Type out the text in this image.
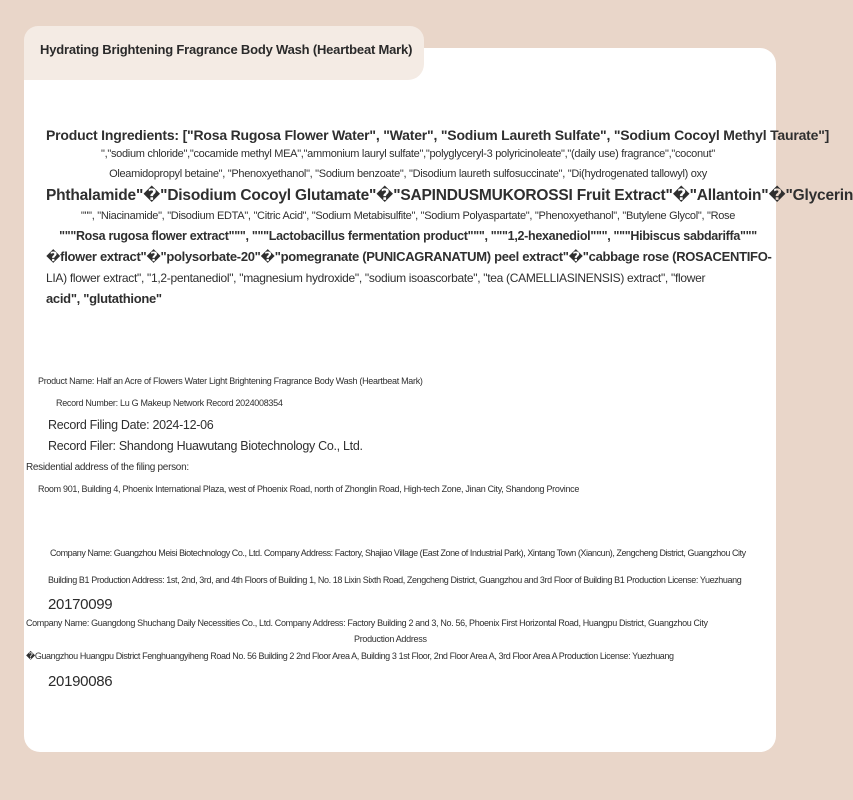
Hydrating Brightening Fragrance Body Wash (Heartbeat Mark)
Product Ingredients: ["Rosa Rugosa Flower Water", "Water", "Sodium Laureth Sulfate", "Sodium Cocoyl Methyl Taurate"]
","sodium chloride","cocamide methyl MEA","ammonium lauryl sulfate","polyglyceryl-3 polyricinoleate","(daily use) fragrance","coconut"
Oleamidopropyl betaine", "Phenoxyethanol", "Sodium benzoate", "Disodium laureth sulfosuccinate", "Di(hydrogenated tallowyl) oxy
Phthalamide"�"Disodium Cocoyl Glutamate"�"SAPINDUSMUKOROSSI Fruit Extract"�"Allantoin"�"Glycerin
""", "Niacinamide", "Disodium EDTA", "Citric Acid", "Sodium Metabisulfite", "Sodium Polyaspartate", "Phenoxyethanol", "Butylene Glycol", "Rose
"""Rosa rugosa flower extract""", """Lactobacillus fermentation product""", """1,2-hexanediol""", """Hibiscus sabdariffa"""
�flower extract"�"polysorbate-20"�"pomegranate (PUNICAGRANATUM) peel extract"�"cabbage rose (ROSACENTIFO-
LIA) flower extract", "1,2-pentanediol", "magnesium hydroxide", "sodium isoascorbate", "tea (CAMELLIASINENSIS) extract", "flower
acid", "glutathione"
Product Name: Half an Acre of Flowers Water Light Brightening Fragrance Body Wash (Heartbeat Mark)
Record Number: Lu G Makeup Network Record 2024008354
Record Filing Date: 2024-12-06
Record Filer: Shandong Huawutang Biotechnology Co., Ltd.
Residential address of the filing person:
Room 901, Building 4, Phoenix International Plaza, west of Phoenix Road, north of Zhonglin Road, High-tech Zone, Jinan City, Shandong Province
Company Name: Guangzhou Meisi Biotechnology Co., Ltd. Company Address: Factory, Shajiao Village (East Zone of Industrial Park), Xintang Town (Xiancun), Zengcheng District, Guangzhou City
Building B1 Production Address: 1st, 2nd, 3rd, and 4th Floors of Building 1, No. 18 Lixin Sixth Road, Zengcheng District, Guangzhou and 3rd Floor of Building B1 Production License: Yuezhuang
20170099
Company Name: Guangdong Shuchang Daily Necessities Co., Ltd. Company Address: Factory Building 2 and 3, No. 56, Phoenix First Horizontal Road, Huangpu District, Guangzhou City
Production Address
�Guangzhou Huangpu District Fenghuangyiheng Road No. 56 Building 2 2nd Floor Area A, Building 3 1st Floor, 2nd Floor Area A, 3rd Floor Area A Production License: Yuezhuang
20190086
